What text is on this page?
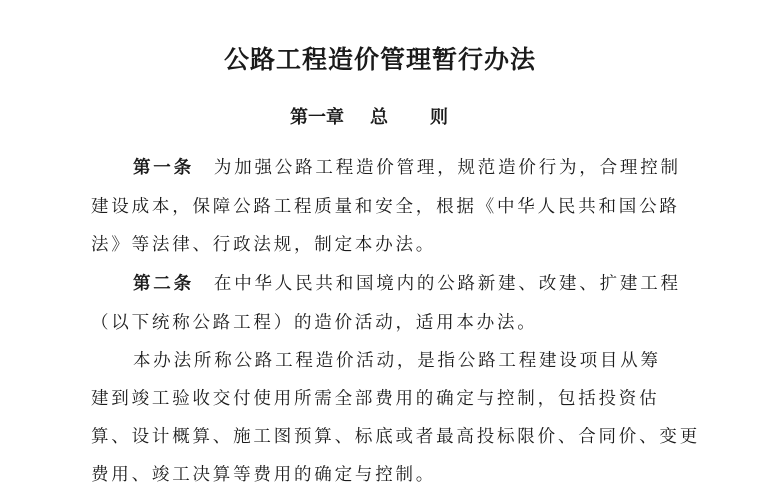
公路工程造价管理暂行办法
第一章 总 则
第一条 为加强公路工程造价管理，规范造价行为，合理控制
建设成本，保障公路工程质量和安全，根据《中华人民共和国公路
法》等法律、行政法规，制定本办法。
第二条 在中华人民共和国境内的公路新建、改建、扩建工程
（以下统称公路工程）的造价活动，适用本办法。
本办法所称公路工程造价活动，是指公路工程建设项目从筹
建到竣工验收交付使用所需全部费用的确定与控制，包括投资估
算、设计概算、施工图预算、标底或者最高投标限价、合同价、变更
费用、竣工决算等费用的确定与控制。
